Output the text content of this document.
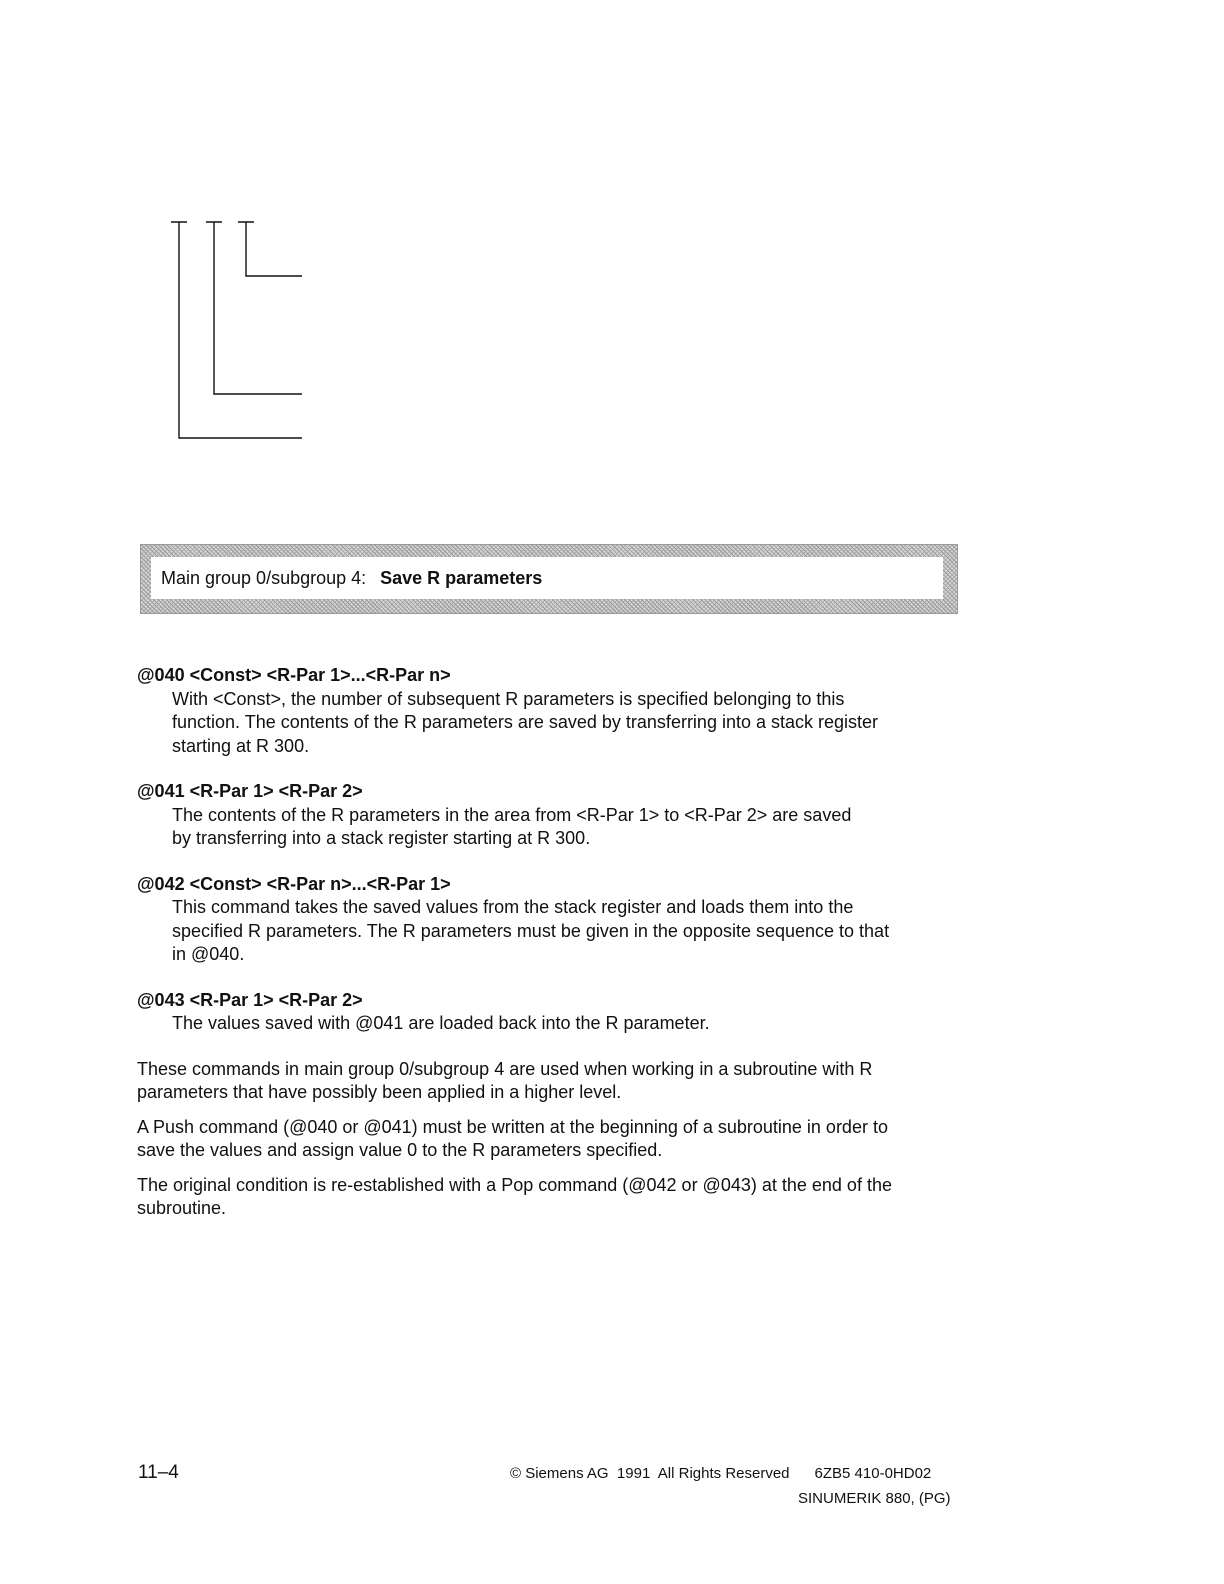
Main group 0/subgroup 4: Save R parameters
@040 <Const> <R-Par 1>...<R-Par n>
With <Const>, the number of subsequent R parameters is specified belonging to this
function. The contents of the R parameters are saved by transferring into a stack register
starting at R 300.
@041 <R-Par 1> <R-Par 2>
The contents of the R parameters in the area from <R-Par 1> to <R-Par 2> are saved
by transferring into a stack register starting at R 300.
@042 <Const> <R-Par n>...<R-Par 1>
This command takes the saved values from the stack register and loads them into the
specified R parameters. The R parameters must be given in the opposite sequence to that
in @040.
@043 <R-Par 1> <R-Par 2>
The values saved with @041 are loaded back into the R parameter.
These commands in main group 0/subgroup 4 are used when working in a subroutine with R
parameters that have possibly been applied in a higher level.
A Push command (@040 or @041) must be written at the beginning of a subroutine in order to
save the values and assign value 0 to the R parameters specified.
The original condition is re-established with a Pop command (@042 or @043) at the end of the
subroutine.
11–4	© Siemens AG  1991  All Rights Reserved      6ZB5 410-0HD02
SINUMERIK 880, (PG)
